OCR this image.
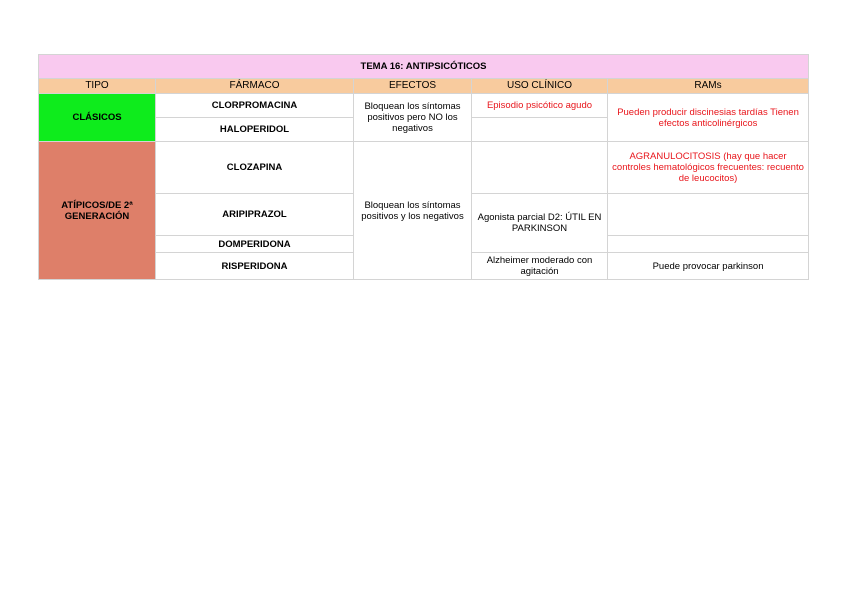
TEMA 16: ANTIPSICÓTICOS				
TIPO	FÁRMACO	EFECTOS	USO CLÍNICO	RAMs
CLÁSICOS	CLORPROMACINA	Bloquean los síntomas positivos pero NO los negativos	Episodio psicótico agudo	Pueden producir discinesias tardías Tienen efectos anticolinérgicos
	HALOPERIDOL			
ATÍPICOS/DE 2ª GENERACIÓN	CLOZAPINA	Bloquean los síntomas positivos y los negativos		AGRANULOCITOSIS (hay que hacer controles hematológicos frecuentes: recuento de leucocitos)
	ARIPIPRAZOL		Agonista parcial D2: ÚTIL EN PARKINSON	
	DOMPERIDONA			
	RISPERIDONA		Alzheimer moderado con agitación	Puede provocar parkinson
